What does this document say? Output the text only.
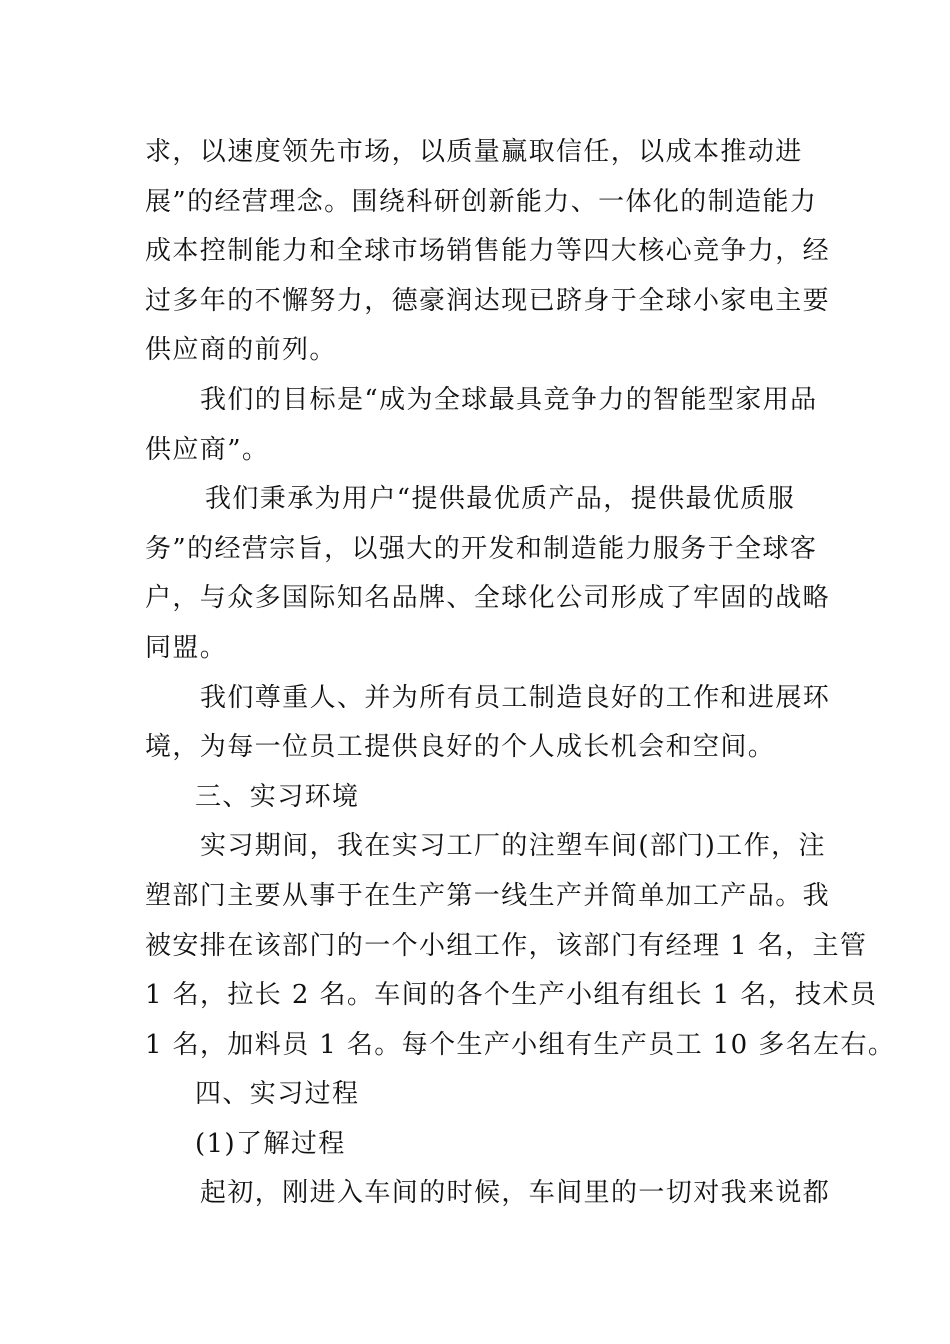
求，以速度领先市场，以质量赢取信任，以成本推动进
展”的经营理念。围绕科研创新能力、一体化的制造能力
成本控制能力和全球市场销售能力等四大核心竞争力，经
过多年的不懈努力，德豪润达现已跻身于全球小家电主要
供应商的前列。
我们的目标是“成为全球最具竞争力的智能型家用品
供应商”。
我们秉承为用户“提供最优质产品，提供最优质服
务”的经营宗旨，以强大的开发和制造能力服务于全球客
户，与众多国际知名品牌、全球化公司形成了牢固的战略
同盟。
我们尊重人、并为所有员工制造良好的工作和进展环
境，为每一位员工提供良好的个人成长机会和空间。
三、实习环境
实习期间，我在实习工厂的注塑车间(部门)工作，注
塑部门主要从事于在生产第一线生产并简单加工产品。我
被安排在该部门的一个小组工作，该部门有经理 1 名，主管
1 名，拉长 2 名。车间的各个生产小组有组长 1 名，技术员
1 名，加料员 1 名。每个生产小组有生产员工 10 多名左右。
四、实习过程
(1)了解过程
起初，刚进入车间的时候，车间里的一切对我来说都
